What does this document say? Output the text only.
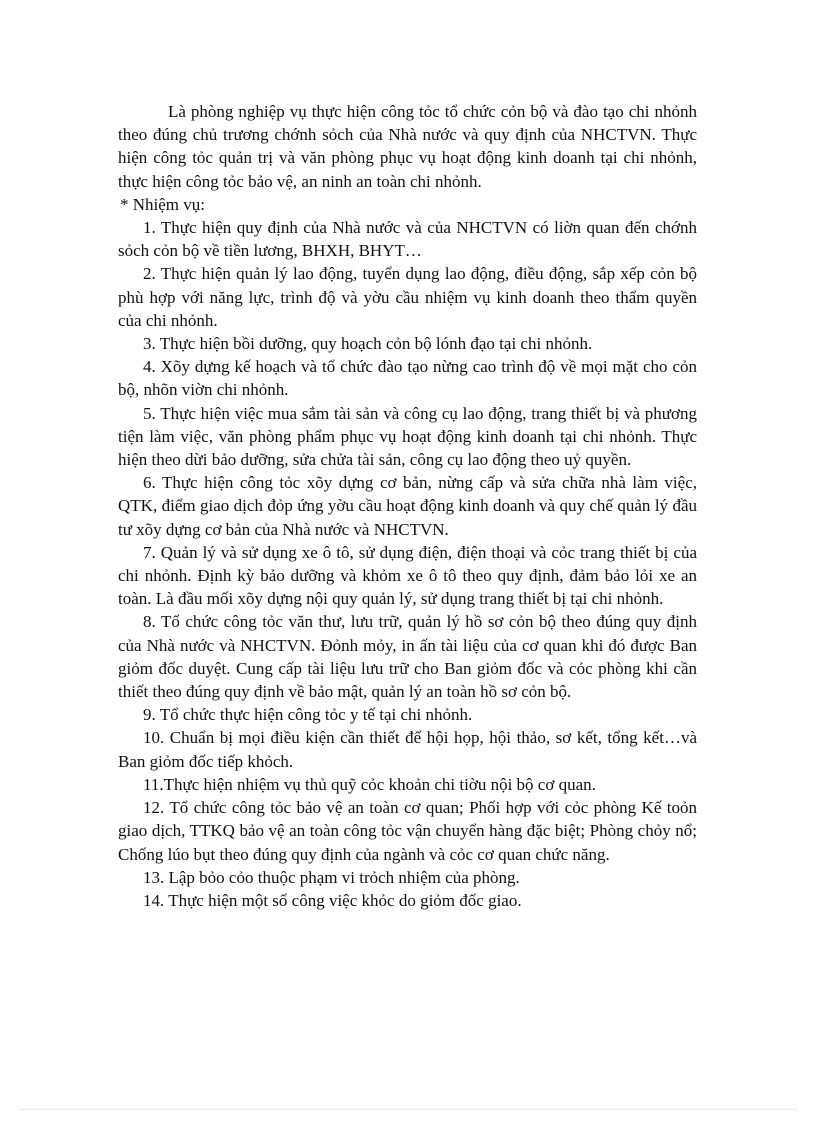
Là phòng nghiệp vụ thực hiện công tỏc tổ chức cỏn bộ và đào tạo chi nhỏnh theo đúng chủ trương chớnh sỏch của Nhà nước và quy định của NHCTVN. Thực hiện công tỏc quản trị và văn phòng phục vụ hoạt động kinh doanh tại chi nhỏnh, thực hiện công tỏc bảo vệ, an ninh an toàn chi nhỏnh.

* Nhiệm vụ:

1. Thực hiện quy định của Nhà nước và của NHCTVN có liờn quan đến chớnh sỏch cỏn bộ về tiền lương, BHXH, BHYT…

2. Thực hiện quản lý lao động, tuyển dụng lao động, điều động, sắp xếp cỏn bộ phù hợp với năng lực, trình độ và yờu cầu nhiệm vụ kinh doanh theo thẩm quyền của chi nhỏnh.

3. Thực hiện bồi dưỡng, quy hoạch cỏn bộ lónh đạo tại chi nhỏnh.

4. Xõy dựng kế hoạch và tổ chức đào tạo nừng cao trình độ về mọi mặt cho cỏn bộ, nhõn viờn chi nhỏnh.

5. Thực hiện việc mua sắm tài sản và công cụ lao động, trang thiết bị và phương tiện làm việc, văn phòng phẩm phục vụ hoạt động kinh doanh tại chi nhỏnh. Thực hiện theo dừi bảo dưỡng, sửa chửa tài sản, công cụ lao động theo uỷ quyền.

6. Thực hiện công tỏc xõy dựng cơ bản, nừng cấp và sửa chữa nhà làm việc, QTK, điểm giao dịch đỏp ứng yờu cầu hoạt động kinh doanh và quy chế quản lý đầu tư xõy dựng cơ bản của Nhà nước và NHCTVN.

7. Quản lý và sử dụng xe ô tô, sử dụng điện, điện thoại và cỏc trang thiết bị của chi nhỏnh. Định kỳ bảo dưỡng và khỏm xe ô tô theo quy định, đảm bảo lỏi xe an toàn. Là đầu mối xõy dựng nội quy quản lý, sử dụng trang thiết bị tại chi nhỏnh.

8. Tổ chức công tỏc văn thư, lưu trữ, quản lý hồ sơ cỏn bộ theo đúng quy định của Nhà nước và NHCTVN. Đỏnh mỏy, in ấn tài liệu của cơ quan khi đó được Ban giỏm đốc duyệt. Cung cấp tài liệu lưu trữ cho Ban giỏm đốc và cỏc phòng khi cần thiết theo đúng quy định về bảo mật, quản lý an toàn hồ sơ cỏn bộ.

9. Tổ chức thực hiện công tỏc y tế tại chi nhỏnh.

10. Chuẩn bị mọi điều kiện cần thiết để hội họp, hội thảo, sơ kết, tổng kết…và Ban giỏm đốc tiếp khỏch.

11.Thực hiện nhiệm vụ thủ quỹ cỏc khoản chi tiờu nội bộ cơ quan.

12. Tổ chức công tỏc bảo vệ an toàn cơ quan; Phối hợp với cỏc phòng Kế toỏn giao dịch, TTKQ bảo vệ an toàn công tỏc vận chuyển hàng đặc biệt; Phòng chỏy nổ; Chống lúo bụt theo đúng quy định của ngành và cỏc cơ quan chức năng.

13. Lập bỏo cỏo thuộc phạm vi trỏch nhiệm của phòng.

14. Thực hiện một số công việc khỏc do giỏm đốc giao.
